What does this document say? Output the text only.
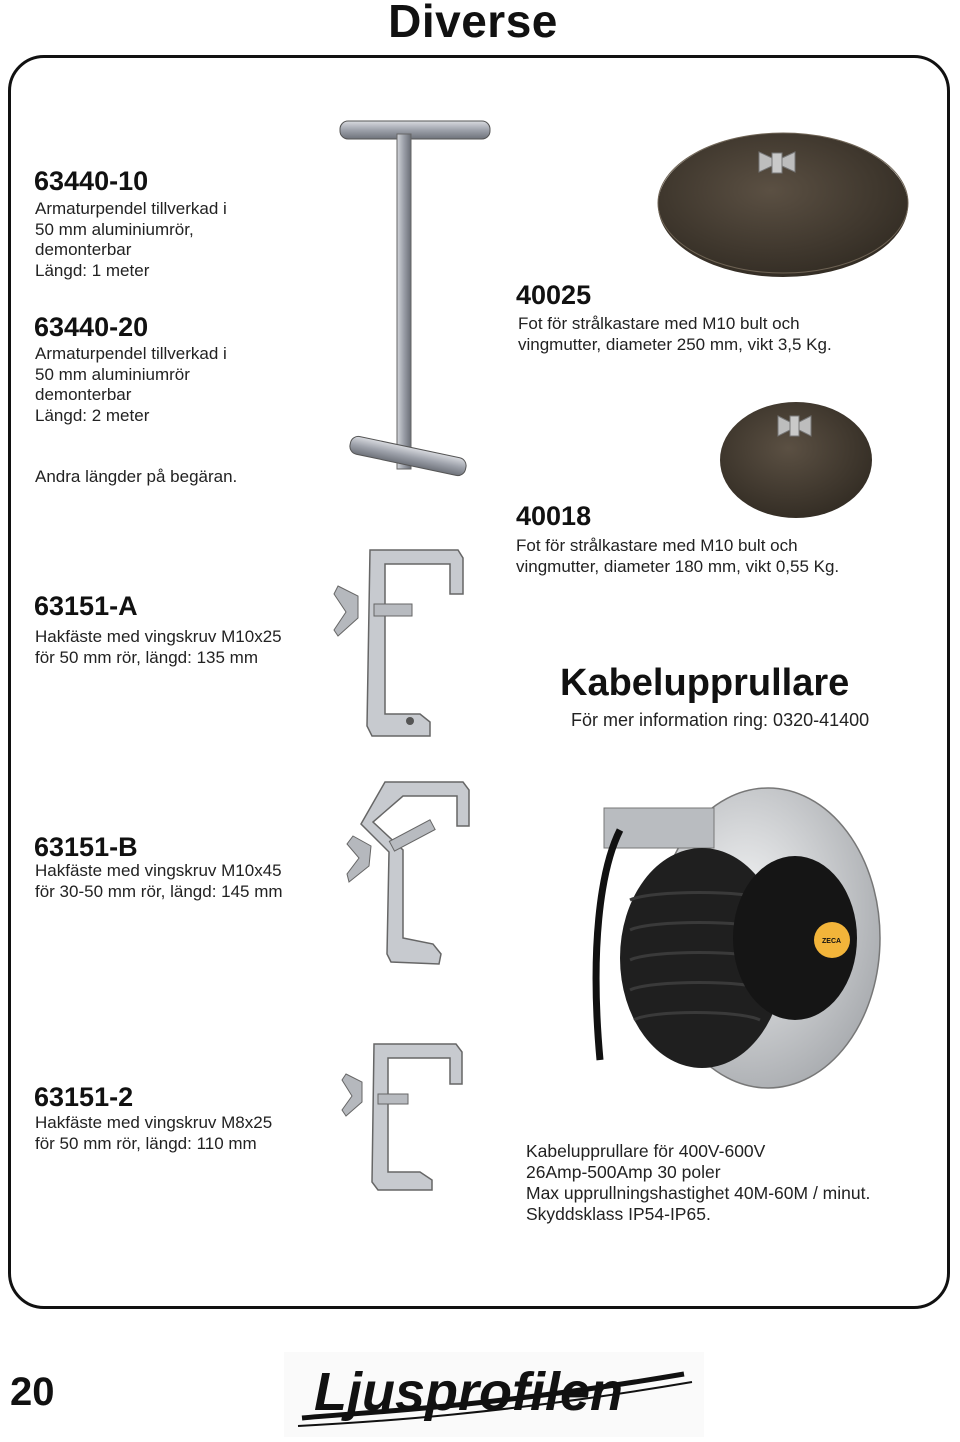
Diverse
63440-10
Armaturpendel tillverkad i
50 mm aluminiumrör,
demonterbar
Längd: 1 meter
63440-20
Armaturpendel tillverkad i
50 mm aluminiumrör
demonterbar
Längd: 2 meter
Andra längder på begäran.
63151-A
Hakfäste med vingskruv M10x25
för 50 mm rör, längd: 135 mm
63151-B
Hakfäste med vingskruv M10x45
för 30-50 mm rör, längd: 145 mm
63151-2
Hakfäste med vingskruv M8x25
för 50 mm rör, längd: 110 mm
40025
Fot för strålkastare med M10 bult och
vingmutter, diameter 250 mm, vikt 3,5 Kg.
40018
Fot för strålkastare med M10 bult och
vingmutter, diameter 180 mm, vikt 0,55 Kg.
Kabelupprullare
För mer information ring: 0320-41400
Kabelupprullare för 400V-600V
26Amp-500Amp 30 poler
Max upprullningshastighet 40M-60M / minut.
Skyddsklass IP54-IP65.
ZECA
20	Ljusprofilen
